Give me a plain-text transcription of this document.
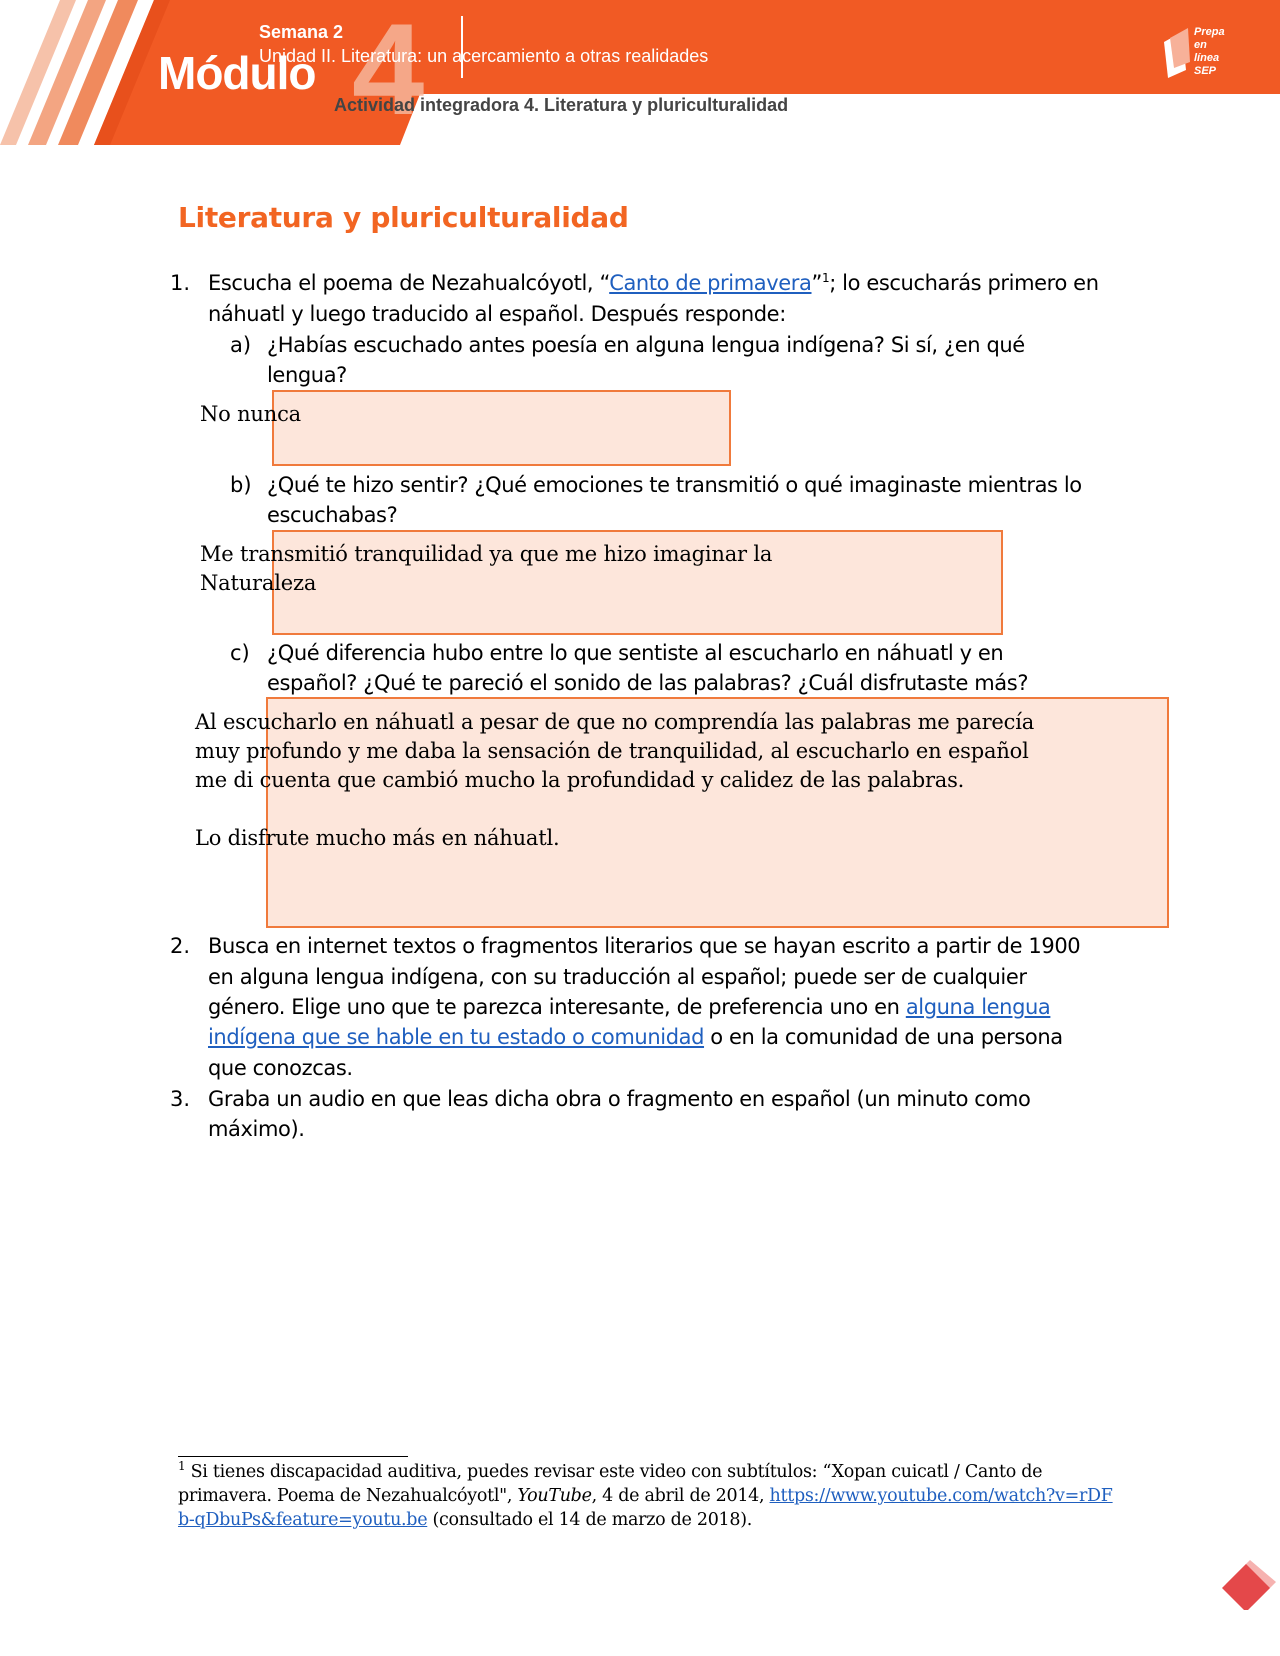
Módulo 4
Semana 2
Unidad II. Literatura: un acercamiento a otras realidades
Actividad integradora 4. Literatura y pluriculturalidad
Prepa en
línea
SEP
Literatura y pluriculturalidad
1. Escucha el poema de Nezahualcóyotl, “Canto de primavera”$^1$; lo escucharás primero en
náhuatl y luego traducido al español. Después responde:
a) ¿Habías escuchado antes poesía en alguna lengua indígena? Si sí, ¿en qué
lengua?
No nunca
b) ¿Qué te hizo sentir? ¿Qué emociones te transmitió o qué imaginaste mientras lo
escuchabas?
Me transmitió tranquilidad ya que me hizo imaginar la
Naturaleza
c) ¿Qué diferencia hubo entre lo que sentiste al escucharlo en náhuatl y en
español? ¿Qué te pareció el sonido de las palabras? ¿Cuál disfrutaste más?
Al escucharlo en náhuatl a pesar de que no comprendía las palabras me parecía
muy profundo y me daba la sensación de tranquilidad, al escucharlo en español
me di cuenta que cambió mucho la profundidad y calidez de las palabras.
Lo disfrute mucho más en náhuatl.
2. Busca en internet textos o fragmentos literarios que se hayan escrito a partir de 1900
en alguna lengua indígena, con su traducción al español; puede ser de cualquier
género. Elige uno que te parezca interesante, de preferencia uno en alguna lengua
indígena que se hable en tu estado o comunidad o en la comunidad de una persona
que conozcas.
3. Graba un audio en que leas dicha obra o fragmento en español (un minuto como
máximo).
$^1$ Si tienes discapacidad auditiva, puedes revisar este video con subtítulos: “Xopan cuicatl / Canto de primavera. Poema de Nezahualcóyotl", YouTube, 4 de abril de 2014, https://www.youtube.com/watch?v=rDFb-qDbuPs&feature=youtu.be (consultado el 14 de marzo de 2018).
